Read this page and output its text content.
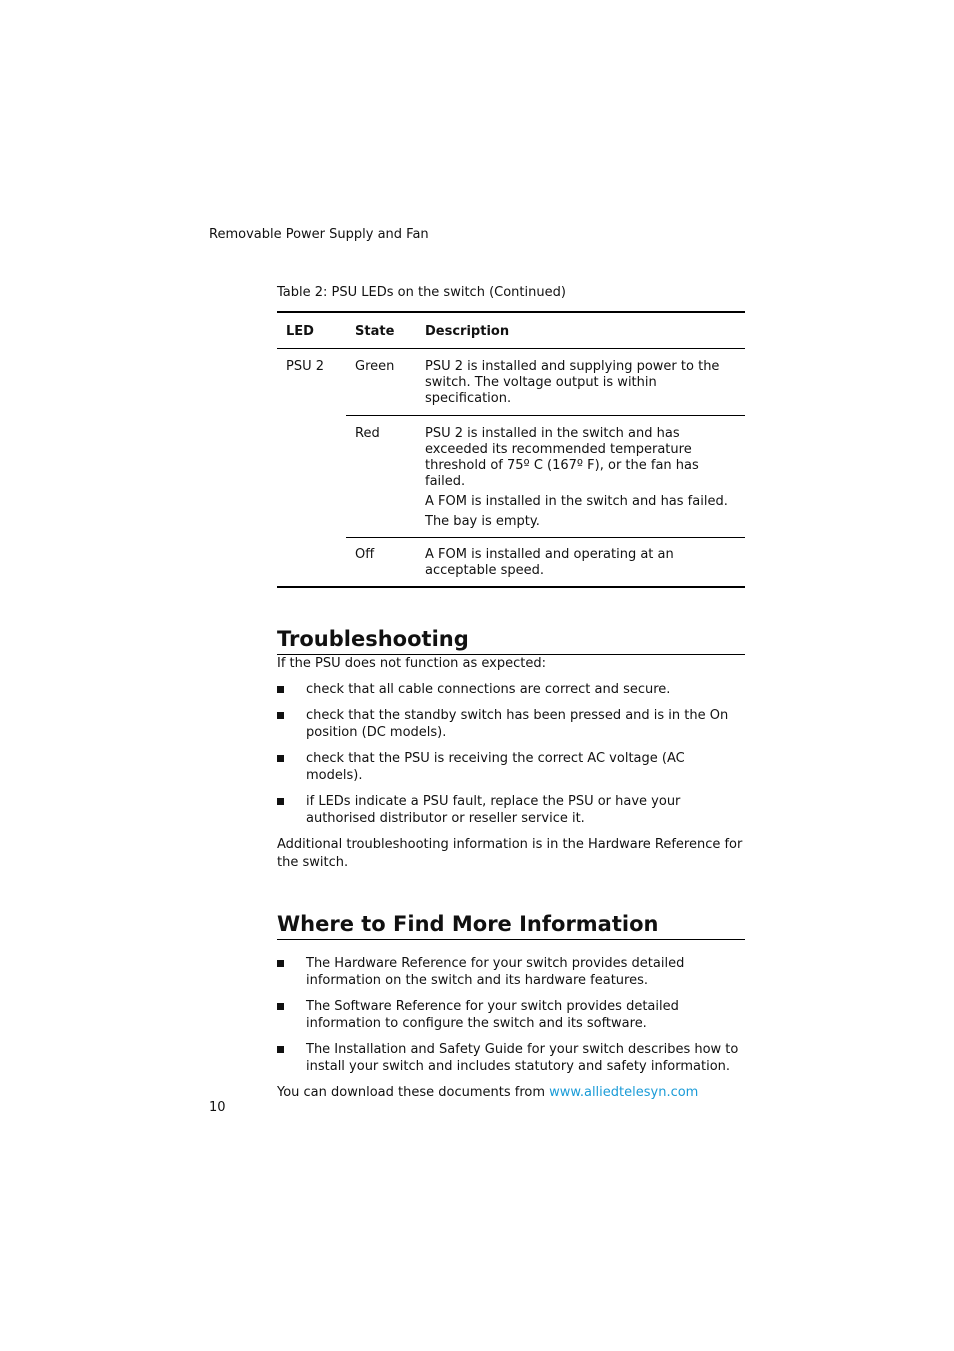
Removable Power Supply and Fan
Table 2: PSU LEDs on the switch (Continued)
LED	State	Description
PSU 2	Green	PSU 2 is installed and supplying power to the switch. The voltage output is within specification.

	Red	PSU 2 is installed in the switch and has exceeded its recommended temperature threshold of 75º C (167º F), or the fan has failed.

A FOM is installed in the switch and has failed.

The bay is empty.

	Off	A FOM is installed and operating at an acceptable speed.

Troubleshooting

If the PSU does not function as expected:

check that all cable connections are correct and secure.
check that the standby switch has been pressed and is in the On position (DC models).
check that the PSU is receiving the correct AC voltage (AC models).
if LEDs indicate a PSU fault, replace the PSU or have your authorised distributor or reseller service it.

Additional troubleshooting information is in the Hardware Reference for the switch.

Where to Find More Information
The Hardware Reference for your switch provides detailed information on the switch and its hardware features.
The Software Reference for your switch provides detailed information to configure the switch and its software.
The Installation and Safety Guide for your switch describes how to install your switch and includes statutory and safety information.

You can download these documents from www.alliedtelesyn.com

10
